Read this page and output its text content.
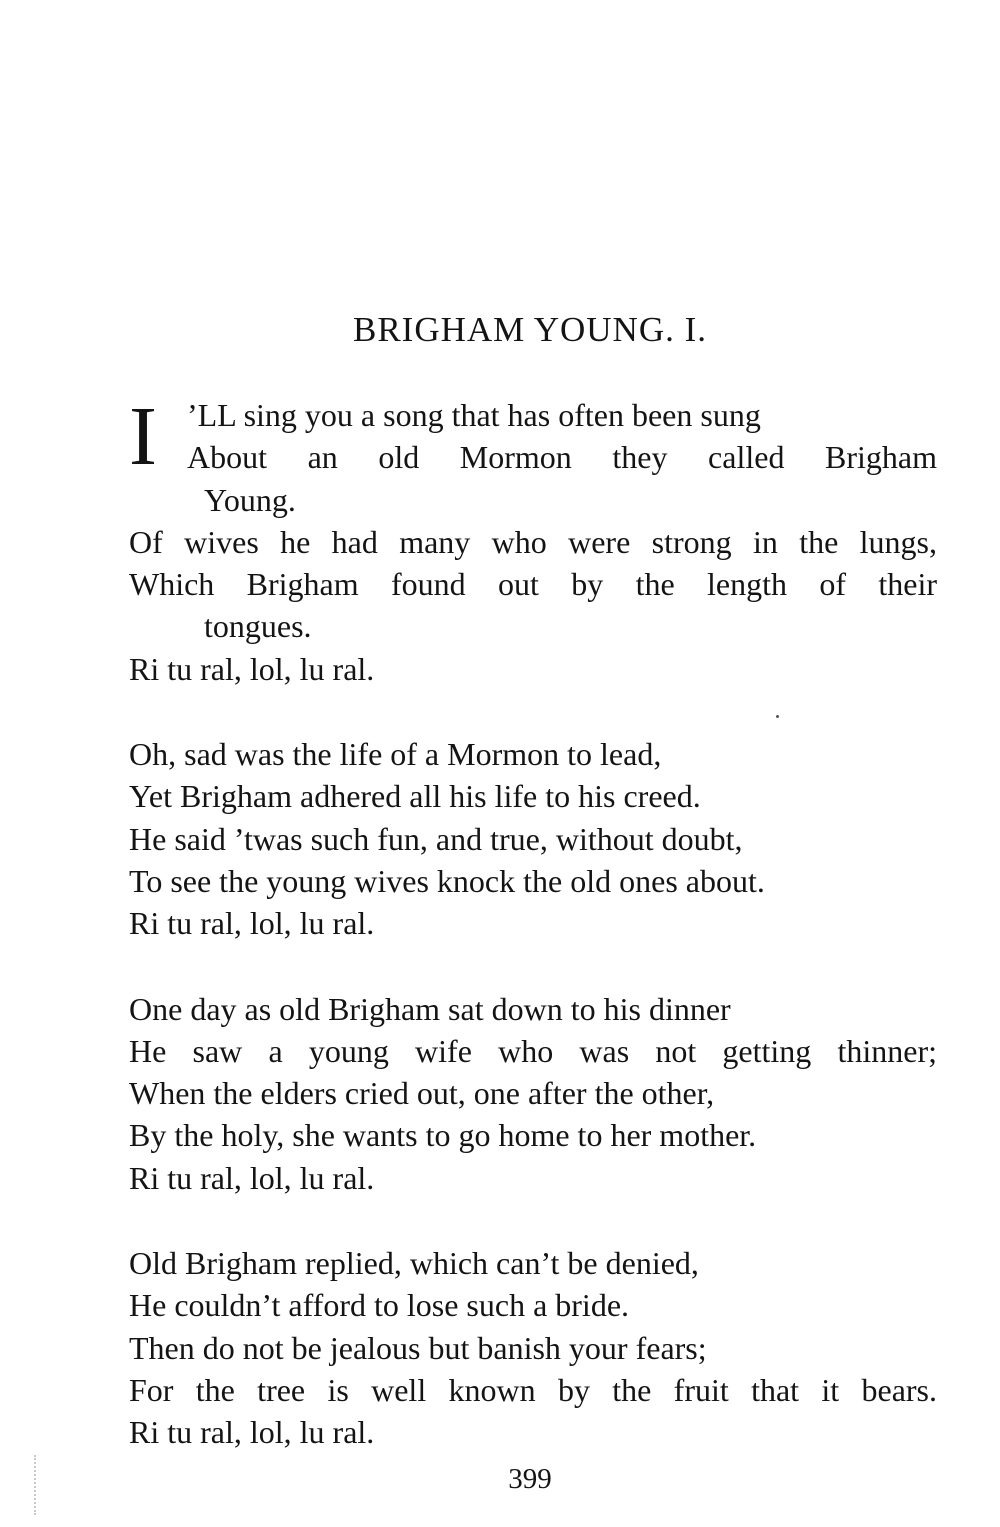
BRIGHAM YOUNG. I.
I ’LL sing you a song that has often been sung
About an old Mormon they called Brigham
Young.
Of wives he had many who were strong in the lungs,
Which Brigham found out by the length of their
tongues.
Ri tu ral, lol, lu ral.
Oh, sad was the life of a Mormon to lead,
Yet Brigham adhered all his life to his creed.
He said ’twas such fun, and true, without doubt,
To see the young wives knock the old ones about.
Ri tu ral, lol, lu ral.
One day as old Brigham sat down to his dinner
He saw a young wife who was not getting thinner;
When the elders cried out, one after the other,
By the holy, she wants to go home to her mother.
Ri tu ral, lol, lu ral.
Old Brigham replied, which can’t be denied,
He couldn’t afford to lose such a bride.
Then do not be jealous but banish your fears;
For the tree is well known by the fruit that it bears.
Ri tu ral, lol, lu ral.
399
